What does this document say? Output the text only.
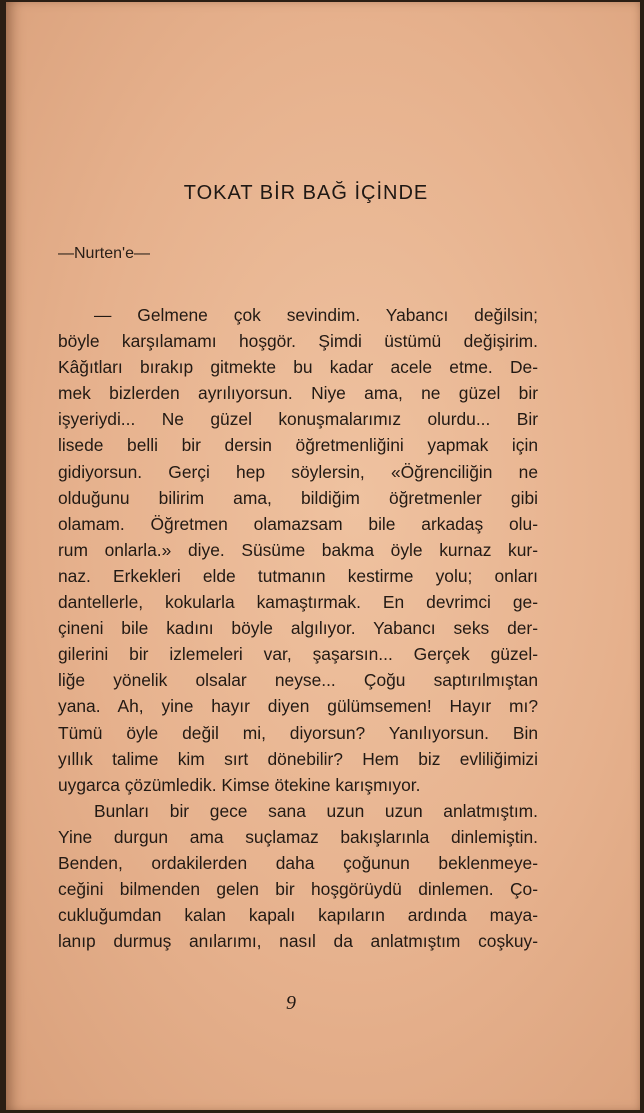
TOKAT BİR BAĞ İÇİNDE
—Nurten'e—
— Gelmene çok sevindim. Yabancı değilsin;
böyle karşılamamı hoşgör. Şimdi üstümü değişirim.
Kâğıtları bırakıp gitmekte bu kadar acele etme. De-
mek bizlerden ayrılıyorsun. Niye ama, ne güzel bir
işyeriydi... Ne güzel konuşmalarımız olurdu... Bir
lisede belli bir dersin öğretmenliğini yapmak için
gidiyorsun. Gerçi hep söylersin, «Öğrenciliğin ne
olduğunu bilirim ama, bildiğim öğretmenler gibi
olamam. Öğretmen olamazsam bile arkadaş olu-
rum onlarla.» diye. Süsüme bakma öyle kurnaz kur-
naz. Erkekleri elde tutmanın kestirme yolu; onları
dantellerle, kokularla kamaştırmak. En devrimci ge-
çineni bile kadını böyle algılıyor. Yabancı seks der-
gilerini bir izlemeleri var, şaşarsın... Gerçek güzel-
liğe yönelik olsalar neyse... Çoğu saptırılmıştan
yana. Ah, yine hayır diyen gülümsemen! Hayır mı?
Tümü öyle değil mi, diyorsun? Yanılıyorsun. Bin
yıllık talime kim sırt dönebilir? Hem biz evliliğimizi
uygarca çözümledik. Kimse ötekine karışmıyor.
Bunları bir gece sana uzun uzun anlatmıştım.
Yine durgun ama suçlamaz bakışlarınla dinlemiştin.
Benden, ordakilerden daha çoğunun beklenmeye-
ceğini bilmenden gelen bir hoşgörüydü dinlemen. Ço-
cukluğumdan kalan kapalı kapıların ardında maya-
lanıp durmuş anılarımı, nasıl da anlatmıştım coşkuy-
9
